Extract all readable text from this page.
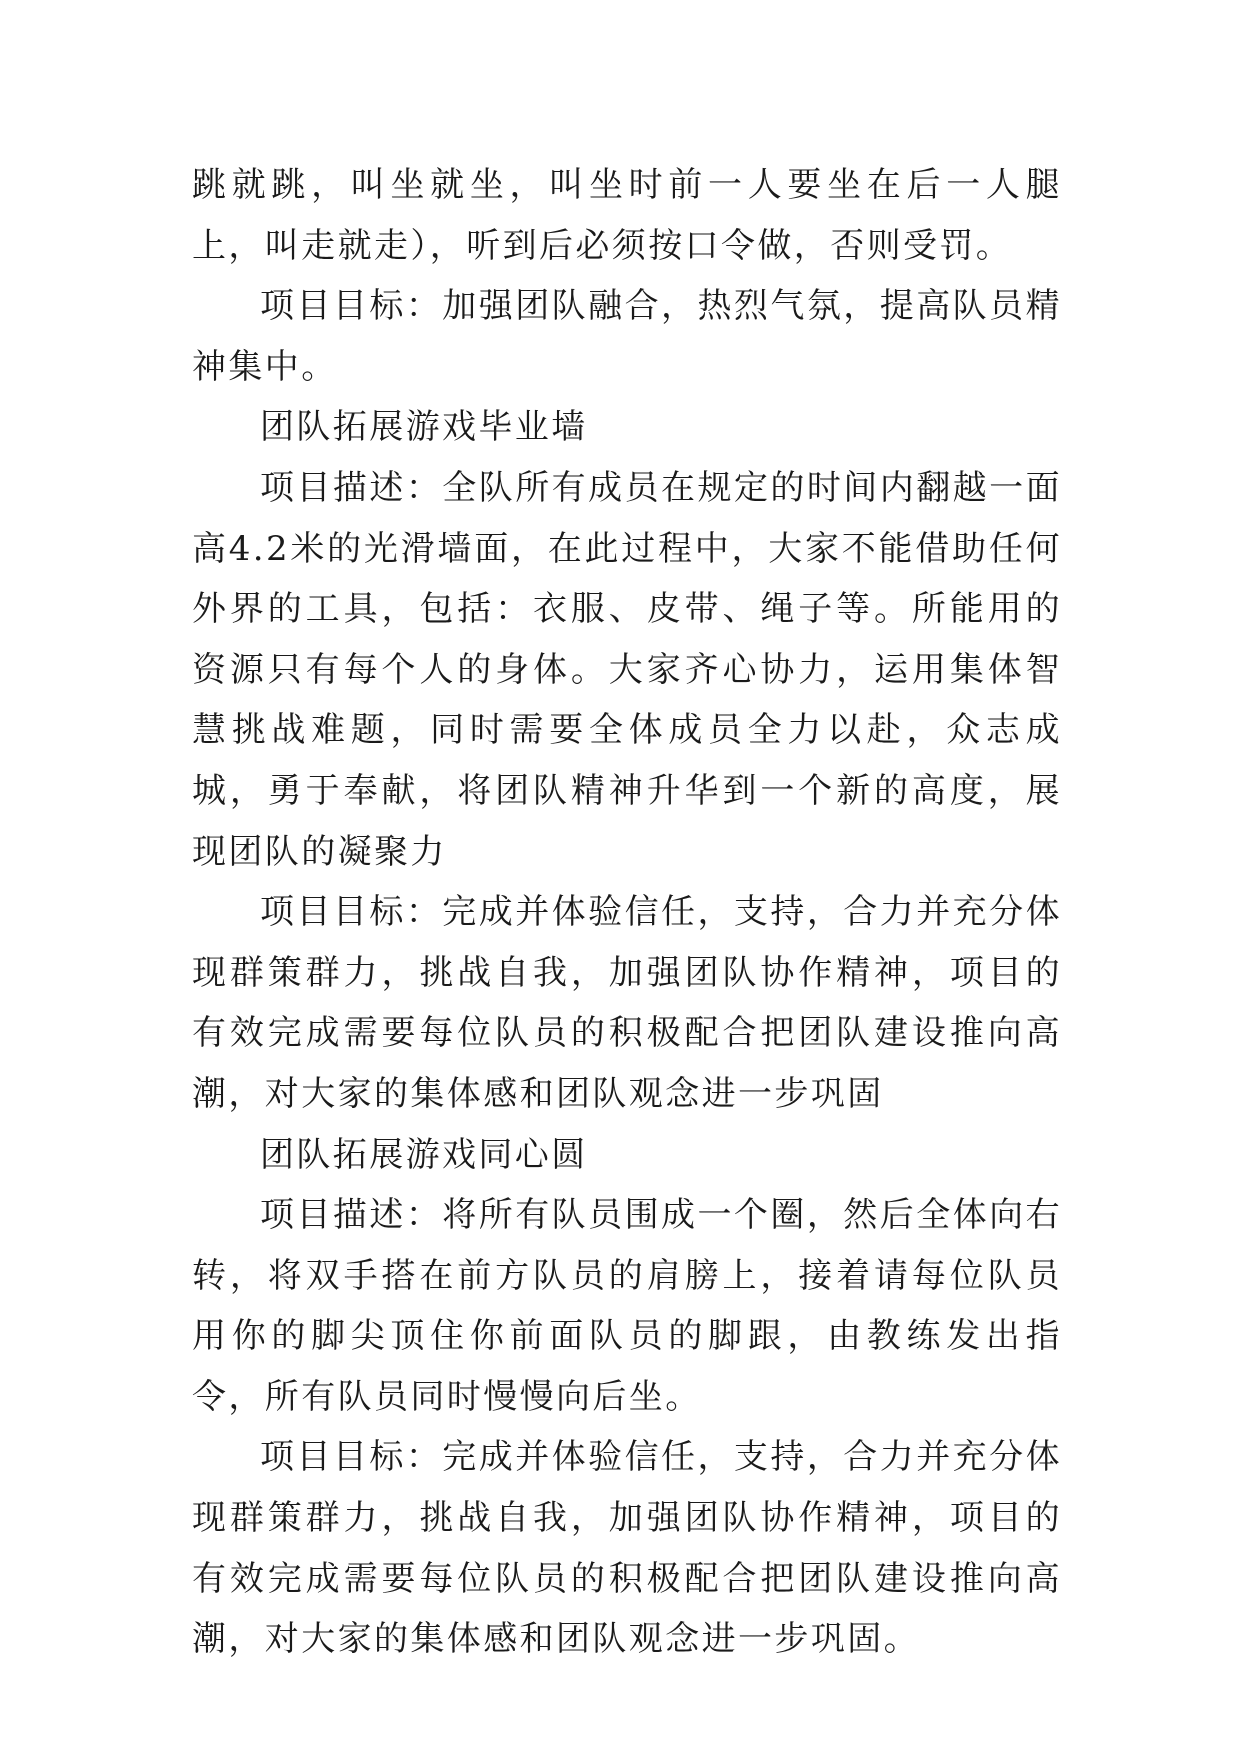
跳就跳，叫坐就坐，叫坐时前一人要坐在后一人腿上，叫走就走），听到后必须按口令做，否则受罚。

项目目标：加强团队融合，热烈气氛，提高队员精神集中。

团队拓展游戏毕业墙

项目描述：全队所有成员在规定的时间内翻越一面高4.2米的光滑墙面，在此过程中，大家不能借助任何外界的工具，包括：衣服、皮带、绳子等。所能用的资源只有每个人的身体。大家齐心协力，运用集体智慧挑战难题，同时需要全体成员全力以赴，众志成城，勇于奉献，将团队精神升华到一个新的高度，展现团队的凝聚力

项目目标：完成并体验信任，支持，合力并充分体现群策群力，挑战自我，加强团队协作精神，项目的有效完成需要每位队员的积极配合把团队建设推向高潮，对大家的集体感和团队观念进一步巩固

团队拓展游戏同心圆

项目描述：将所有队员围成一个圈，然后全体向右转，将双手搭在前方队员的肩膀上，接着请每位队员用你的脚尖顶住你前面队员的脚跟，由教练发出指令，所有队员同时慢慢向后坐。

项目目标：完成并体验信任，支持，合力并充分体现群策群力，挑战自我，加强团队协作精神，项目的有效完成需要每位队员的积极配合把团队建设推向高潮，对大家的集体感和团队观念进一步巩固。
